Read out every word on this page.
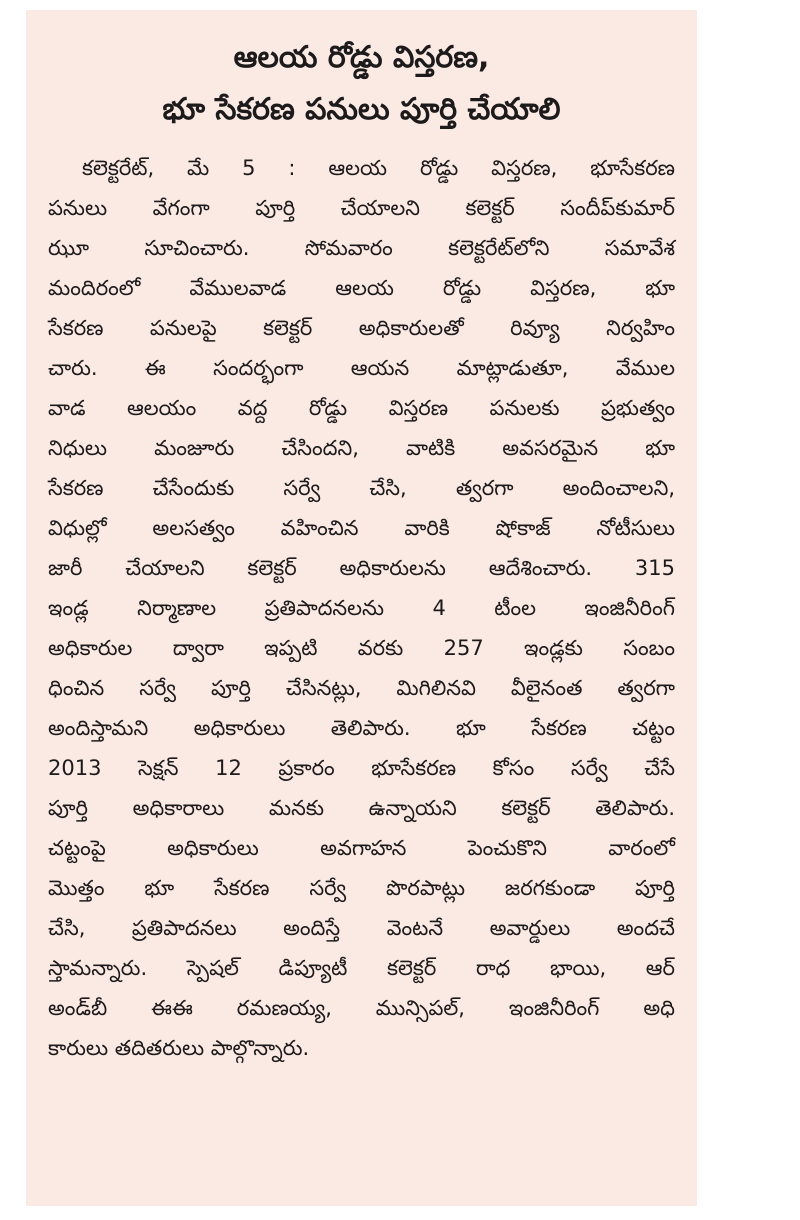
ఆలయ రోడ్డు విస్తరణ,
భూ సేకరణ పనులు పూర్తి చేయాలి
కలెక్టరేట్, మే 5 : ఆలయ రోడ్డు విస్తరణ, భూసేకరణ
పనులు వేగంగా పూర్తి చేయాలని కలెక్టర్ సందీప్‌కుమార్
ఝూ సూచించారు. సోమవారం కలెక్టరేట్‌లోని సమావేశ
మందిరంలో వేములవాడ ఆలయ రోడ్డు విస్తరణ, భూ
సేకరణ పనులపై కలెక్టర్ అధికారులతో రివ్యూ నిర్వహిం
చారు. ఈ సందర్భంగా ఆయన మాట్లాడుతూ, వేముల
వాడ ఆలయం వద్ద రోడ్డు విస్తరణ పనులకు ప్రభుత్వం
నిధులు మంజూరు చేసిందని, వాటికి అవసరమైన భూ
సేకరణ చేసేందుకు సర్వే చేసి, త్వరగా అందించాలని,
విధుల్లో అలసత్వం వహించిన వారికి షోకాజ్ నోటీసులు
జారీ చేయాలని కలెక్టర్ అధికారులను ఆదేశించారు. 315
ఇండ్ల నిర్మాణాల ప్రతిపాదనలను 4 టీంల ఇంజినీరింగ్
అధికారుల ద్వారా ఇప్పటి వరకు 257 ఇండ్లకు సంబం
ధించిన సర్వే పూర్తి చేసినట్లు, మిగిలినవి వీలైనంత త్వరగా
అందిస్తామని అధికారులు తెలిపారు. భూ సేకరణ చట్టం
2013 సెక్షన్ 12 ప్రకారం భూసేకరణ కోసం సర్వే చేసే
పూర్తి అధికారాలు మనకు ఉన్నాయని కలెక్టర్ తెలిపారు.
చట్టంపై అధికారులు అవగాహన పెంచుకొని వారంలో
మొత్తం భూ సేకరణ సర్వే పొరపాట్లు జరగకుండా పూర్తి
చేసి, ప్రతిపాదనలు అందిస్తే వెంటనే అవార్డులు అందచే
స్తామన్నారు. స్పెషల్ డిప్యూటీ కలెక్టర్ రాధ భాయి, ఆర్
అండ్‌బీ ఈఈ రమణయ్య, మున్సిపల్, ఇంజినీరింగ్ అధి
కారులు తదితరులు పాల్గొన్నారు.
